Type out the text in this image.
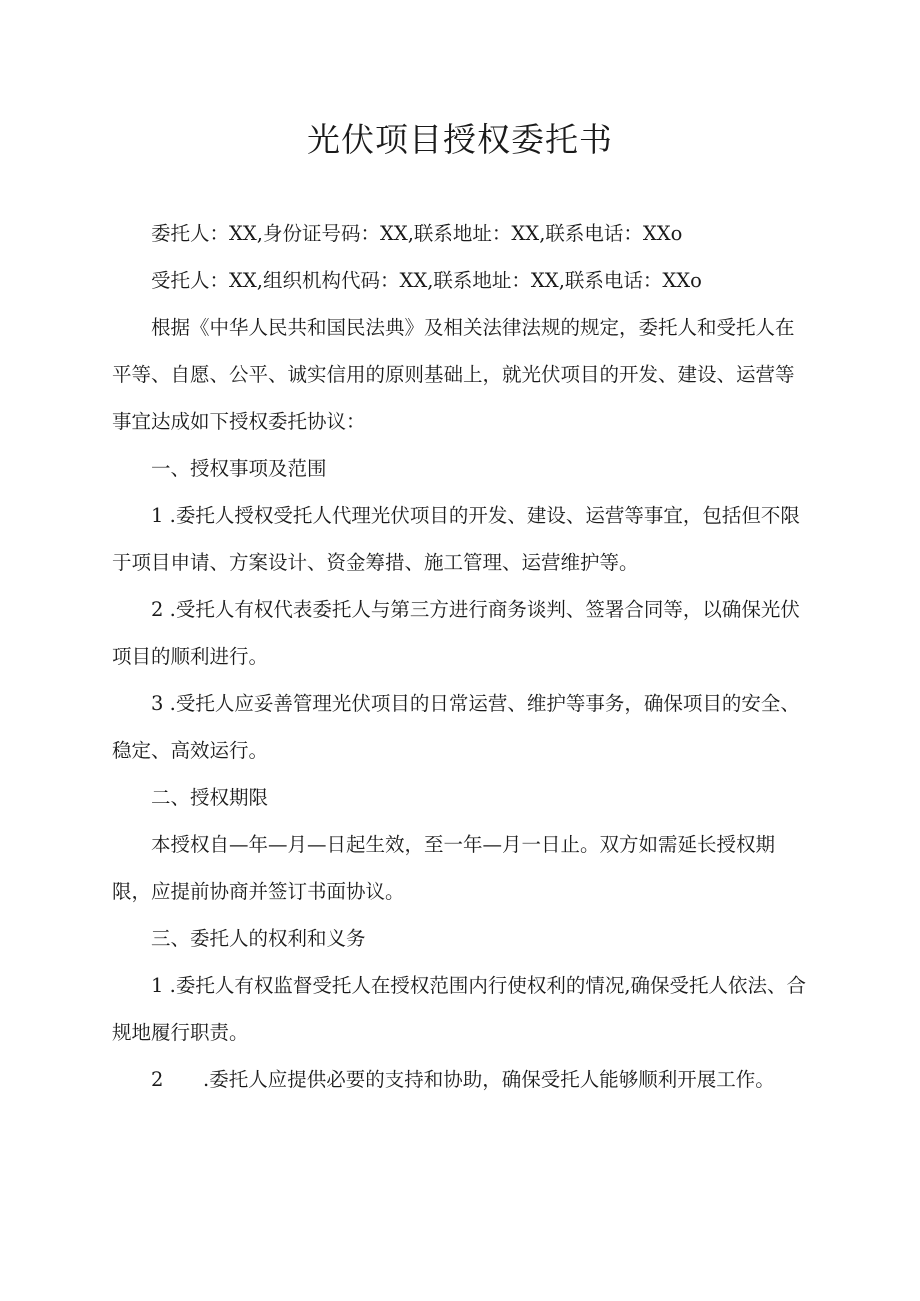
光伏项目授权委托书

委托人：XX,身份证号码：XX,联系地址：XX,联系电话：XXo

受托人：XX,组织机构代码：XX,联系地址：XX,联系电话：XXo

根据《中华人民共和国民法典》及相关法律法规的规定，委托人和受托人在平等、自愿、公平、诚实信用的原则基础上，就光伏项目的开发、建设、运营等事宜达成如下授权委托协议：

一、授权事项及范围

1 .委托人授权受托人代理光伏项目的开发、建设、运营等事宜，包括但不限于项目申请、方案设计、资金筹措、施工管理、运营维护等。

2 .受托人有权代表委托人与第三方进行商务谈判、签署合同等，以确保光伏项目的顺利进行。

3 .受托人应妥善管理光伏项目的日常运营、维护等事务，确保项目的安全、稳定、高效运行。

二、授权期限

本授权自—年—月—日起生效，至一年—月一日止。双方如需延长授权期限，应提前协商并签订书面协议。

三、委托人的权利和义务

1 .委托人有权监督受托人在授权范围内行使权利的情况,确保受托人依法、合规地履行职责。

2 .委托人应提供必要的支持和协助，确保受托人能够顺利开展工作。
